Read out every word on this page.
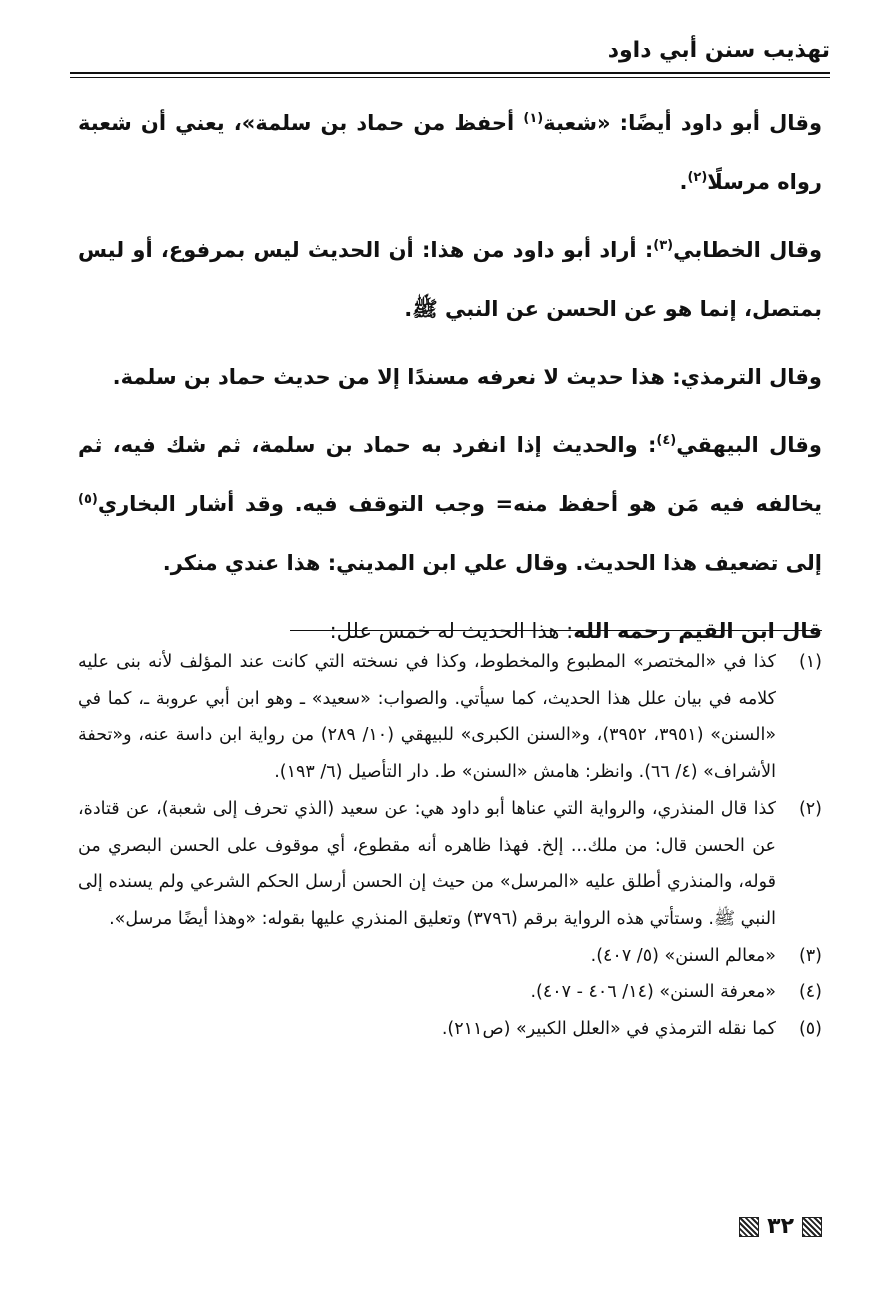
تهذيب سنن أبي داود

وقال أبو داود أيضًا: «شعبة$^{(١)}$ أحفظ من حماد بن سلمة»، يعني أن شعبة رواه مرسلًا$^{(٢)}$.

وقال الخطابي$^{(٣)}$: أراد أبو داود من هذا: أن الحديث ليس بمرفوع، أو ليس بمتصل، إنما هو عن الحسن عن النبي ﷺ.

وقال الترمذي: هذا حديث لا نعرفه مسندًا إلا من حديث حماد بن سلمة.

وقال البيهقي$^{(٤)}$: والحديث إذا انفرد به حماد بن سلمة، ثم شك فيه، ثم يخالفه فيه مَن هو أحفظ منه= وجب التوقف فيه. وقد أشار البخاري$^{(٥)}$ إلى تضعيف هذا الحديث. وقال علي ابن المديني: هذا عندي منكر.

قال ابن القيم رحمه الله: هذا الحديث له خمس علل:

(١)
كذا في «المختصر» المطبوع والمخطوط، وكذا في نسخته التي كانت عند المؤلف لأنه بنى عليه كلامه في بيان علل هذا الحديث، كما سيأتي. والصواب: «سعيد» ـ وهو ابن أبي عروبة ـ، كما في «السنن» (٣٩٥١، ٣٩٥٢)، و«السنن الكبرى» للبيهقي (١٠/ ٢٨٩) من رواية ابن داسة عنه، و«تحفة الأشراف» (٤/ ٦٦). وانظر: هامش «السنن» ط. دار التأصيل (٦/ ١٩٣).

(٢)
كذا قال المنذري، والرواية التي عناها أبو داود هي: عن سعيد (الذي تحرف إلى شعبة)، عن قتادة، عن الحسن قال: من ملك... إلخ. فهذا ظاهره أنه مقطوع، أي موقوف على الحسن البصري من قوله، والمنذري أطلق عليه «المرسل» من حيث إن الحسن أرسل الحكم الشرعي ولم يسنده إلى النبي ﷺ. وستأتي هذه الرواية برقم (٣٧٩٦) وتعليق المنذري عليها بقوله: «وهذا أيضًا مرسل».

(٣)
«معالم السنن» (٥/ ٤٠٧).

(٤)
«معرفة السنن» (١٤/ ٤٠٦ - ٤٠٧).

(٥)
كما نقله الترمذي في «العلل الكبير» (ص٢١١).

٣٢
